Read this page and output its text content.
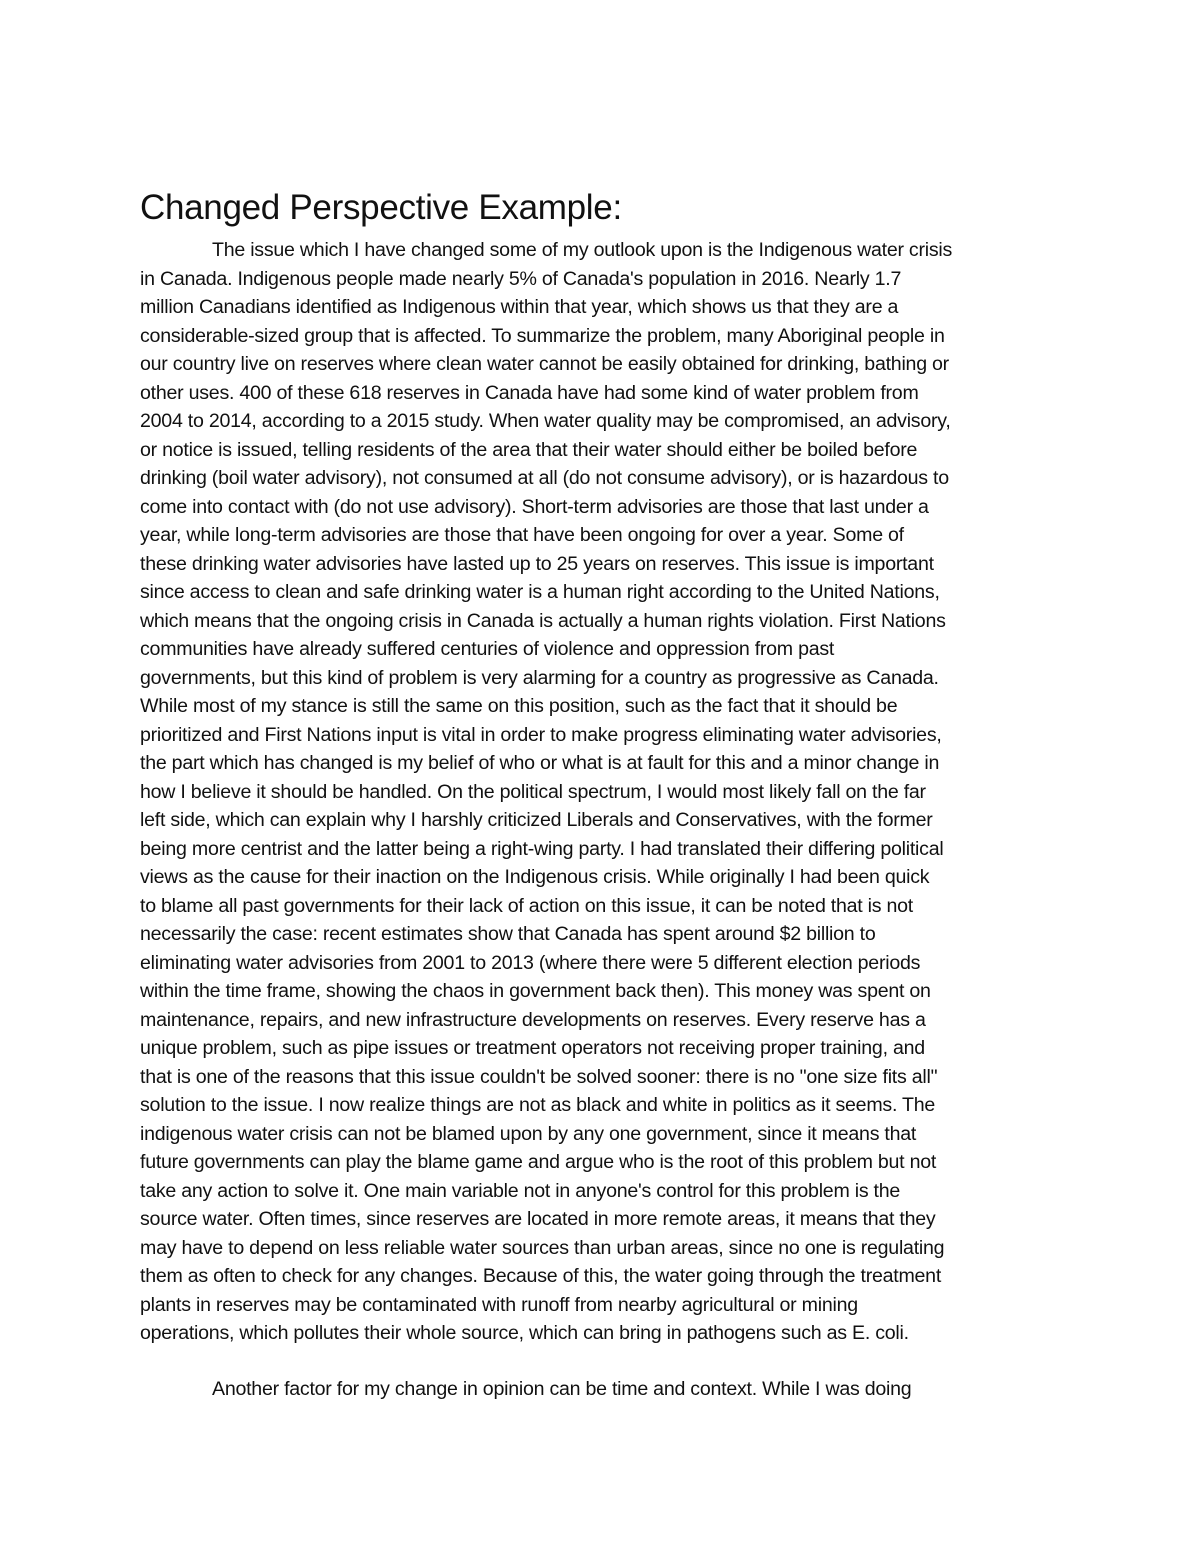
Changed Perspective Example:
The issue which I have changed some of my outlook upon is the Indigenous water crisis
in Canada. Indigenous people made nearly 5% of Canada's population in 2016. Nearly 1.7
million Canadians identified as Indigenous within that year, which shows us that they are a
considerable-sized group that is affected. To summarize the problem, many Aboriginal people in
our country live on reserves where clean water cannot be easily obtained for drinking, bathing or
other uses. 400 of these 618 reserves in Canada have had some kind of water problem from
2004 to 2014, according to a 2015 study. When water quality may be compromised, an advisory,
or notice is issued, telling residents of the area that their water should either be boiled before
drinking (boil water advisory), not consumed at all (do not consume advisory), or is hazardous to
come into contact with (do not use advisory). Short-term advisories are those that last under a
year, while long-term advisories are those that have been ongoing for over a year. Some of
these drinking water advisories have lasted up to 25 years on reserves. This issue is important
since access to clean and safe drinking water is a human right according to the United Nations,
which means that the ongoing crisis in Canada is actually a human rights violation. First Nations
communities have already suffered centuries of violence and oppression from past
governments, but this kind of problem is very alarming for a country as progressive as Canada.
While most of my stance is still the same on this position, such as the fact that it should be
prioritized and First Nations input is vital in order to make progress eliminating water advisories,
the part which has changed is my belief of who or what is at fault for this and a minor change in
how I believe it should be handled. On the political spectrum, I would most likely fall on the far
left side, which can explain why I harshly criticized Liberals and Conservatives, with the former
being more centrist and the latter being a right-wing party. I had translated their differing political
views as the cause for their inaction on the Indigenous crisis. While originally I had been quick
to blame all past governments for their lack of action on this issue, it can be noted that is not
necessarily the case: recent estimates show that Canada has spent around $2 billion to
eliminating water advisories from 2001 to 2013 (where there were 5 different election periods
within the time frame, showing the chaos in government back then). This money was spent on
maintenance, repairs, and new infrastructure developments on reserves. Every reserve has a
unique problem, such as pipe issues or treatment operators not receiving proper training, and
that is one of the reasons that this issue couldn't be solved sooner: there is no "one size fits all"
solution to the issue. I now realize things are not as black and white in politics as it seems. The
indigenous water crisis can not be blamed upon by any one government, since it means that
future governments can play the blame game and argue who is the root of this problem but not
take any action to solve it. One main variable not in anyone's control for this problem is the
source water. Often times, since reserves are located in more remote areas, it means that they
may have to depend on less reliable water sources than urban areas, since no one is regulating
them as often to check for any changes. Because of this, the water going through the treatment
plants in reserves may be contaminated with runoff from nearby agricultural or mining
operations, which pollutes their whole source, which can bring in pathogens such as E. coli.
Another factor for my change in opinion can be time and context. While I was doing
